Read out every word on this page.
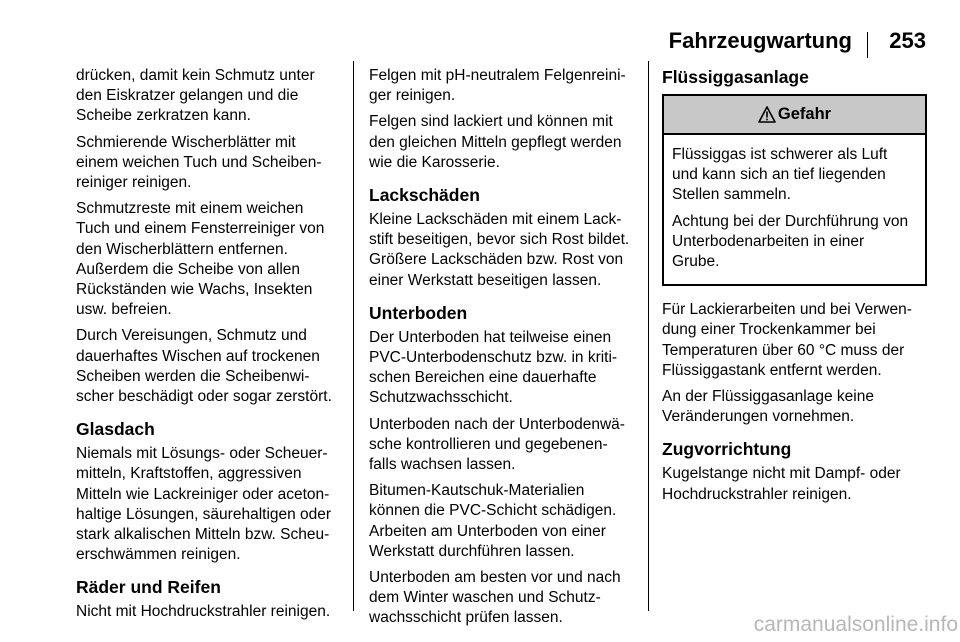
Fahrzeugwartung 253

drücken, damit kein Schmutz unter
den Eiskratzer gelangen und die
Scheibe zerkratzen kann.

Schmierende Wischerblätter mit
einem weichen Tuch und Scheiben-
reiniger reinigen.

Schmutzreste mit einem weichen
Tuch und einem Fensterreiniger von
den Wischerblättern entfernen.
Außerdem die Scheibe von allen
Rückständen wie Wachs, Insekten
usw. befreien.

Durch Vereisungen, Schmutz und
dauerhaftes Wischen auf trockenen
Scheiben werden die Scheibenwi-
scher beschädigt oder sogar zerstört.

Glasdach

Niemals mit Lösungs- oder Scheuer-
mitteln, Kraftstoffen, aggressiven
Mitteln wie Lackreiniger oder aceton-
haltige Lösungen, säurehaltigen oder
stark alkalischen Mitteln bzw. Scheu-
erschwämmen reinigen.

Räder und Reifen

Nicht mit Hochdruckstrahler reinigen.

Felgen mit pH-neutralem Felgenreini-
ger reinigen.

Felgen sind lackiert und können mit
den gleichen Mitteln gepflegt werden
wie die Karosserie.

Lackschäden

Kleine Lackschäden mit einem Lack-
stift beseitigen, bevor sich Rost bildet.
Größere Lackschäden bzw. Rost von
einer Werkstatt beseitigen lassen.

Unterboden

Der Unterboden hat teilweise einen
PVC-Unterbodenschutz bzw. in kriti-
schen Bereichen eine dauerhafte
Schutzwachsschicht.

Unterboden nach der Unterbodenwä-
sche kontrollieren und gegebenen-
falls wachsen lassen.

Bitumen-Kautschuk-Materialien
können die PVC-Schicht schädigen.
Arbeiten am Unterboden von einer
Werkstatt durchführen lassen.

Unterboden am besten vor und nach
dem Winter waschen und Schutz-
wachsschicht prüfen lassen.

Flüssiggasanlage
Gefahr

Flüssiggas ist schwerer als Luft
und kann sich an tief liegenden
Stellen sammeln.

Achtung bei der Durchführung von
Unterbodenarbeiten in einer
Grube.

Für Lackierarbeiten und bei Verwen-
dung einer Trockenkammer bei
Temperaturen über 60 °C muss der
Flüssiggastank entfernt werden.

An der Flüssiggasanlage keine
Veränderungen vornehmen.

Zugvorrichtung

Kugelstange nicht mit Dampf- oder
Hochdruckstrahler reinigen.

carmanualsonline.info
